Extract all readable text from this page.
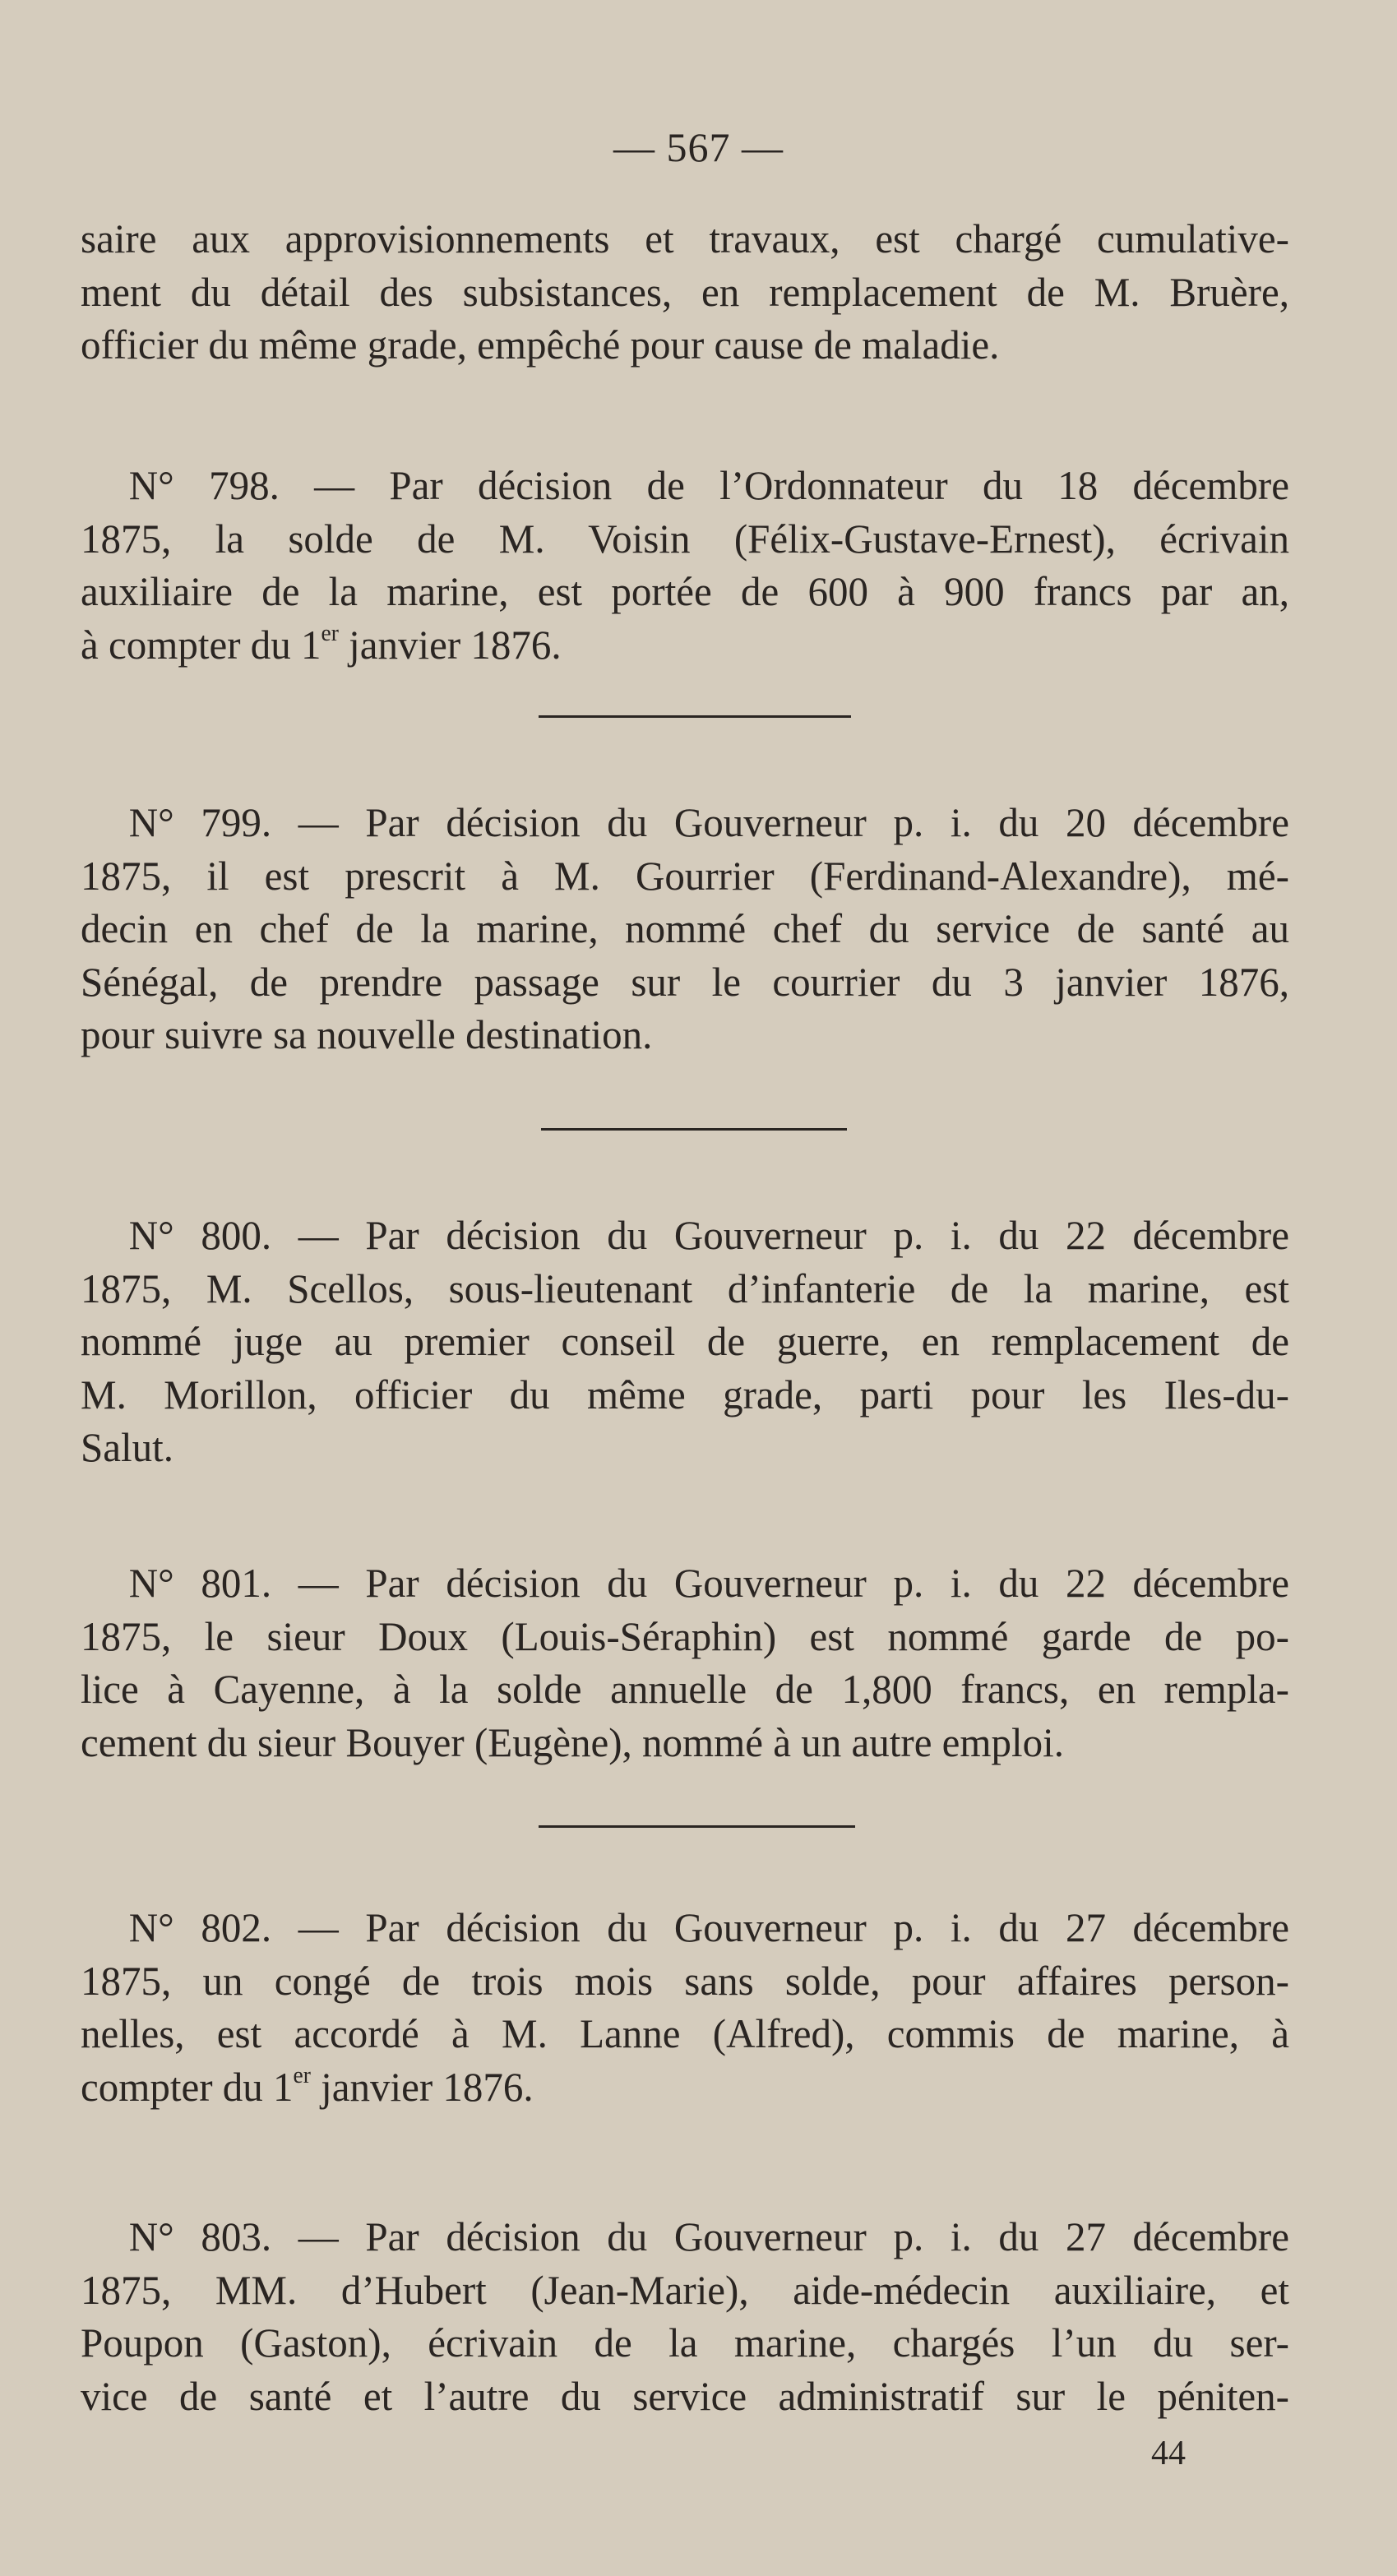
— 567 —
saire aux approvisionnements et travaux, est chargé cumulative-
ment du détail des subsistances, en remplacement de M. Bruère,
officier du même grade, empêché pour cause de maladie.
N° 798. — Par décision de l’Ordonnateur du 18 décembre
1875, la solde de M. Voisin (Félix-Gustave-Ernest), écrivain
auxiliaire de la marine, est portée de 600 à 900 francs par an,
à compter du 1er janvier 1876.
N° 799. — Par décision du Gouverneur p. i. du 20 décembre
1875, il est prescrit à M. Gourrier (Ferdinand-Alexandre), mé-
decin en chef de la marine, nommé chef du service de santé au
Sénégal, de prendre passage sur le courrier du 3 janvier 1876,
pour suivre sa nouvelle destination.
N° 800. — Par décision du Gouverneur p. i. du 22 décembre
1875, M. Scellos, sous-lieutenant d’infanterie de la marine, est
nommé juge au premier conseil de guerre, en remplacement de
M. Morillon, officier du même grade, parti pour les Iles-du-
Salut.
N° 801. — Par décision du Gouverneur p. i. du 22 décembre
1875, le sieur Doux (Louis-Séraphin) est nommé garde de po-
lice à Cayenne, à la solde annuelle de 1,800 francs, en rempla-
cement du sieur Bouyer (Eugène), nommé à un autre emploi.
N° 802. — Par décision du Gouverneur p. i. du 27 décembre
1875, un congé de trois mois sans solde, pour affaires person-
nelles, est accordé à M. Lanne (Alfred), commis de marine, à
compter du 1er janvier 1876.
N° 803. — Par décision du Gouverneur p. i. du 27 décembre
1875, MM. d’Hubert (Jean-Marie), aide-médecin auxiliaire, et
Poupon (Gaston), écrivain de la marine, chargés l’un du ser-
vice de santé et l’autre du service administratif sur le péniten-
44
